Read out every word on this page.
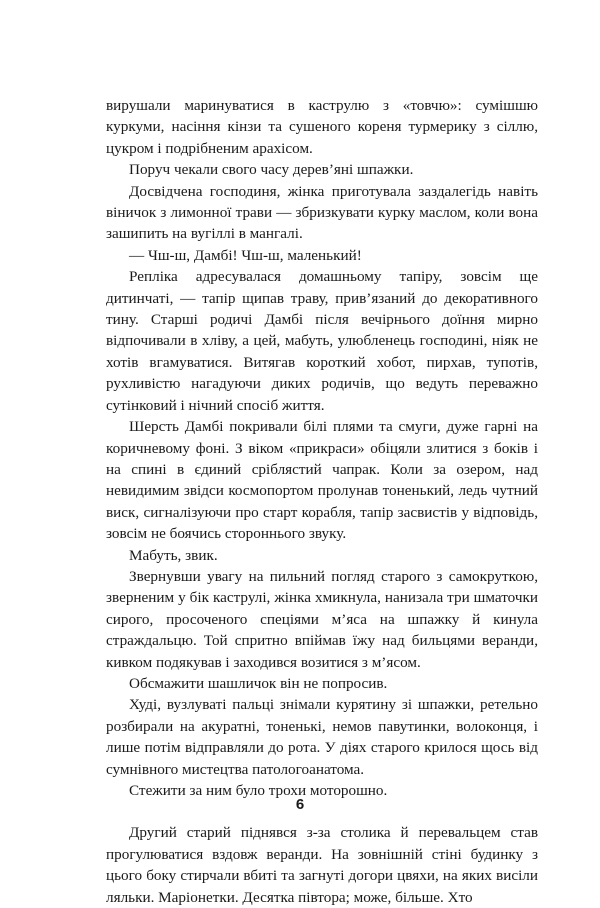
вирушали маринуватися в каструлю з «товчю»: сумішшю куркуми, насіння кінзи та сушеного кореня турмерику з сіллю, цукром і подрібненим арахісом.

Поруч чекали свого часу дерев’яні шпажки.

Досвідчена господиня, жінка приготувала заздалегідь навіть віничок з лимонної трави — збризкувати курку маслом, коли вона зашипить на вугіллі в мангалі.

— Чш-ш, Дамбі! Чш-ш, маленький!

Репліка адресувалася домашньому тапіру, зовсім ще дитинчаті, — тапір щипав траву, прив’язаний до декоративного тину. Старші родичі Дамбі після вечірнього доїння мирно відпочивали в хліву, а цей, мабуть, улюбленець господині, ніяк не хотів вгамуватися. Витягав короткий хобот, пирхав, тупотів, рухливістю нагадуючи диких родичів, що ведуть переважно сутінковий і нічний спосіб життя.

Шерсть Дамбі покривали білі плями та смуги, дуже гарні на коричневому фоні. З віком «прикраси» обіцяли злитися з боків і на спині в єдиний сріблястий чапрак. Коли за озером, над невидимим звідси космопортом пролунав тоненький, ледь чутний виск, сигналізуючи про старт корабля, тапір засвистів у відповідь, зовсім не боячись стороннього звуку.

Мабуть, звик.

Звернувши увагу на пильний погляд старого з самокруткою, зверненим у бік каструлі, жінка хмикнула, нанизала три шматочки сирого, просоченого спеціями м’яса на шпажку й кинула страждальцю. Той спритно впіймав їжу над бильцями веранди, кивком подякував і заходився возитися з м’ясом.

Обсмажити шашличок він не попросив.

Худі, вузлуваті пальці знімали курятину зі шпажки, ретельно розбирали на акуратні, тоненькі, немов павутинки, волоконця, і лише потім відправляли до рота. У діях старого крилося щось від сумнівного мистецтва патологоанатома.

Стежити за ним було трохи моторошно.

Другий старий піднявся з-за столика й перевальцем став прогулюватися вздовж веранди. На зовнішній стіні будинку з цього боку стирчали вбиті та загнуті догори цвяхи, на яких висіли ляльки. Маріонетки. Десятка півтора; може, більше. Хто

6
